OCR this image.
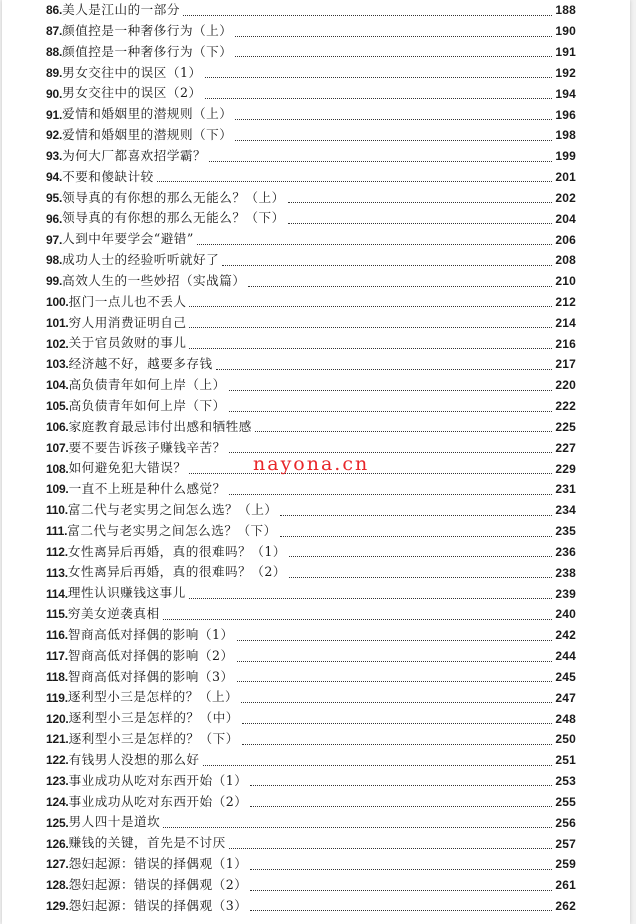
86. 美人是江山的一部分	188
87. 颜值控是一种奢侈行为（上）	190
88. 颜值控是一种奢侈行为（下）	191
89. 男女交往中的误区（1）	192
90. 男女交往中的误区（2）	194
91. 爱情和婚姻里的潜规则（上）	196
92. 爱情和婚姻里的潜规则（下）	198
93. 为何大厂都喜欢招学霸？	199
94. 不要和傻缺计较	201
95. 领导真的有你想的那么无能么？（上）	202
96. 领导真的有你想的那么无能么？（下）	204
97. 人到中年要学会“避错”	206
98. 成功人士的经验听听就好了	208
99. 高效人生的一些妙招（实战篇）	210
100. 抠门一点儿也不丢人	212
101. 穷人用消费证明自己	214
102. 关于官员敛财的事儿	216
103. 经济越不好，越要多存钱	217
104. 高负债青年如何上岸（上）	220
105. 高负债青年如何上岸（下）	222
106. 家庭教育最忌讳付出感和牺牲感	225
107. 要不要告诉孩子赚钱辛苦？	227
108. 如何避免犯大错误？	229
109. 一直不上班是种什么感觉？	231
110. 富二代与老实男之间怎么选？（上）	234
111. 富二代与老实男之间怎么选？（下）	235
112. 女性离异后再婚，真的很难吗？（1）	236
113. 女性离异后再婚，真的很难吗？（2）	238
114. 理性认识赚钱这事儿	239
115. 穷美女逆袭真相	240
116. 智商高低对择偶的影响（1）	242
117. 智商高低对择偶的影响（2）	244
118. 智商高低对择偶的影响（3）	245
119. 逐利型小三是怎样的？（上）	247
120. 逐利型小三是怎样的？（中）	248
121. 逐利型小三是怎样的？（下）	250
122. 有钱男人没想的那么好	251
123. 事业成功从吃对东西开始（1）	253
124. 事业成功从吃对东西开始（2）	255
125. 男人四十是道坎	256
126. 赚钱的关键，首先是不讨厌	257
127. 怨妇起源：错误的择偶观（1）	259
128. 怨妇起源：错误的择偶观（2）	261
129. 怨妇起源：错误的择偶观（3）	262
nayona.cn
